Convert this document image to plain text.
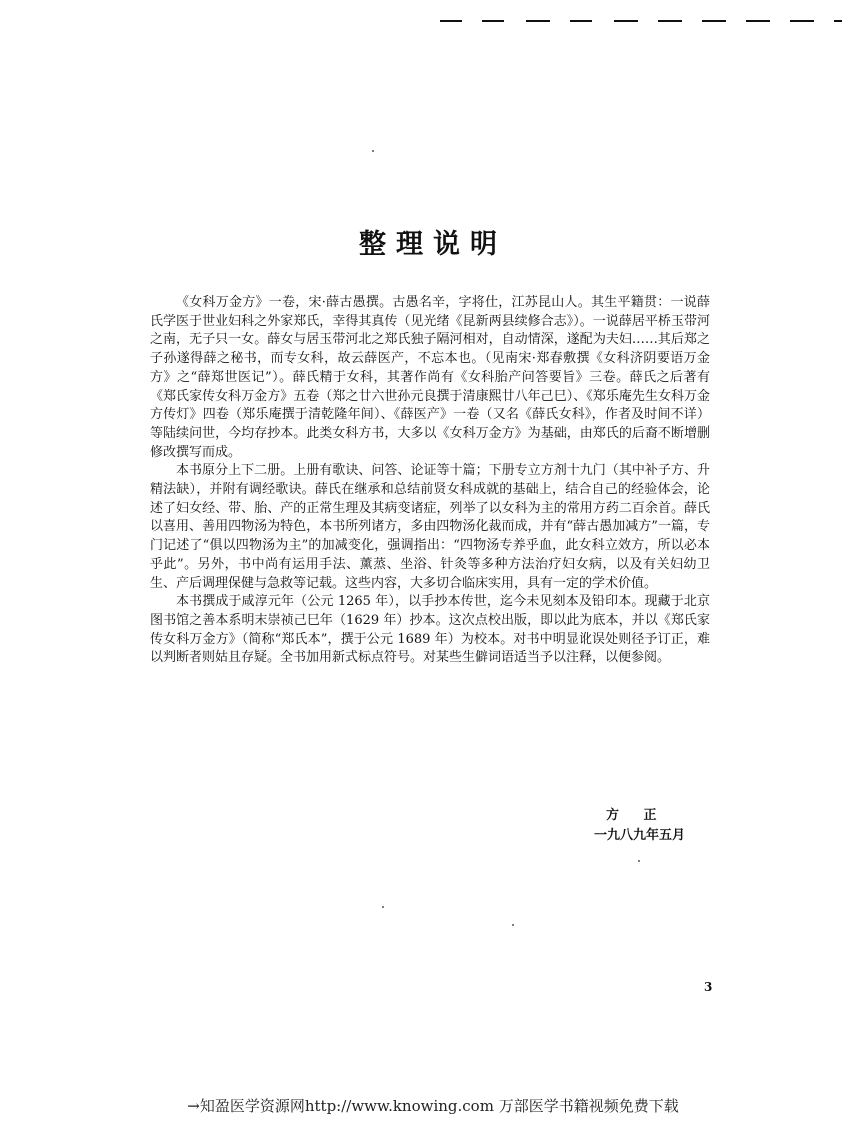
整理说明

《女科万金方》一卷，宋·薛古愚撰。古愚名辛，字将仕，江苏昆山人。其生平籍贯：一说薛氏学医于世业妇科之外家郑氏，幸得其真传（见光绪《昆新两县续修合志》）。一说薛居平桥玉带河之南，无子只一女。薛女与居玉带河北之郑氏独子隔河相对，自动情深，遂配为夫妇……其后郑之子孙遂得薛之秘书，而专女科，故云薛医产，不忘本也。（见南宋·郑春敷撰《女科济阴要语万金方》之“薛郑世医记”）。薛氏精于女科，其著作尚有《女科胎产问答要旨》三卷。薛氏之后著有《郑氏家传女科万金方》五卷（郑之廿六世孙元良撰于清康熙廿八年己巳）、《郑乐庵先生女科万金方传灯》四卷（郑乐庵撰于清乾隆年间）、《薛医产》一卷（又名《薛氏女科》，作者及时间不详）等陆续问世，今均存抄本。此类女科方书，大多以《女科万金方》为基础，由郑氏的后裔不断增删修改撰写而成。

本书原分上下二册。上册有歌诀、问答、论证等十篇；下册专立方剂十九门（其中补子方、升精法缺），并附有调经歌诀。薛氏在继承和总结前贤女科成就的基础上，结合自己的经验体会，论述了妇女经、带、胎、产的正常生理及其病变诸症，列举了以女科为主的常用方药二百余首。薛氏以喜用、善用四物汤为特色，本书所列诸方，多由四物汤化裁而成，并有“薛古愚加减方”一篇，专门记述了“俱以四物汤为主”的加减变化，强调指出：“四物汤专养乎血，此女科立效方，所以必本乎此”。另外，书中尚有运用手法、薰蒸、坐浴、针灸等多种方法治疗妇女病，以及有关妇幼卫生、产后调理保健与急救等记载。这些内容，大多切合临床实用，具有一定的学术价值。

本书撰成于咸淳元年（公元 1265 年），以手抄本传世，迄今未见刻本及铅印本。现藏于北京图书馆之善本系明末崇祯己巳年（1629 年）抄本。这次点校出版，即以此为底本，并以《郑氏家传女科万金方》（简称“郑氏本”，撰于公元 1689 年）为校本。对书中明显讹误处则径予订正，难以判断者则姑且存疑。全书加用新式标点符号。对某些生僻词语适当予以注释，以便参阅。

方 正
一九八九年五月
3
→知盈医学资源网http://www.knowing.com 万部医学书籍视频免费下载
